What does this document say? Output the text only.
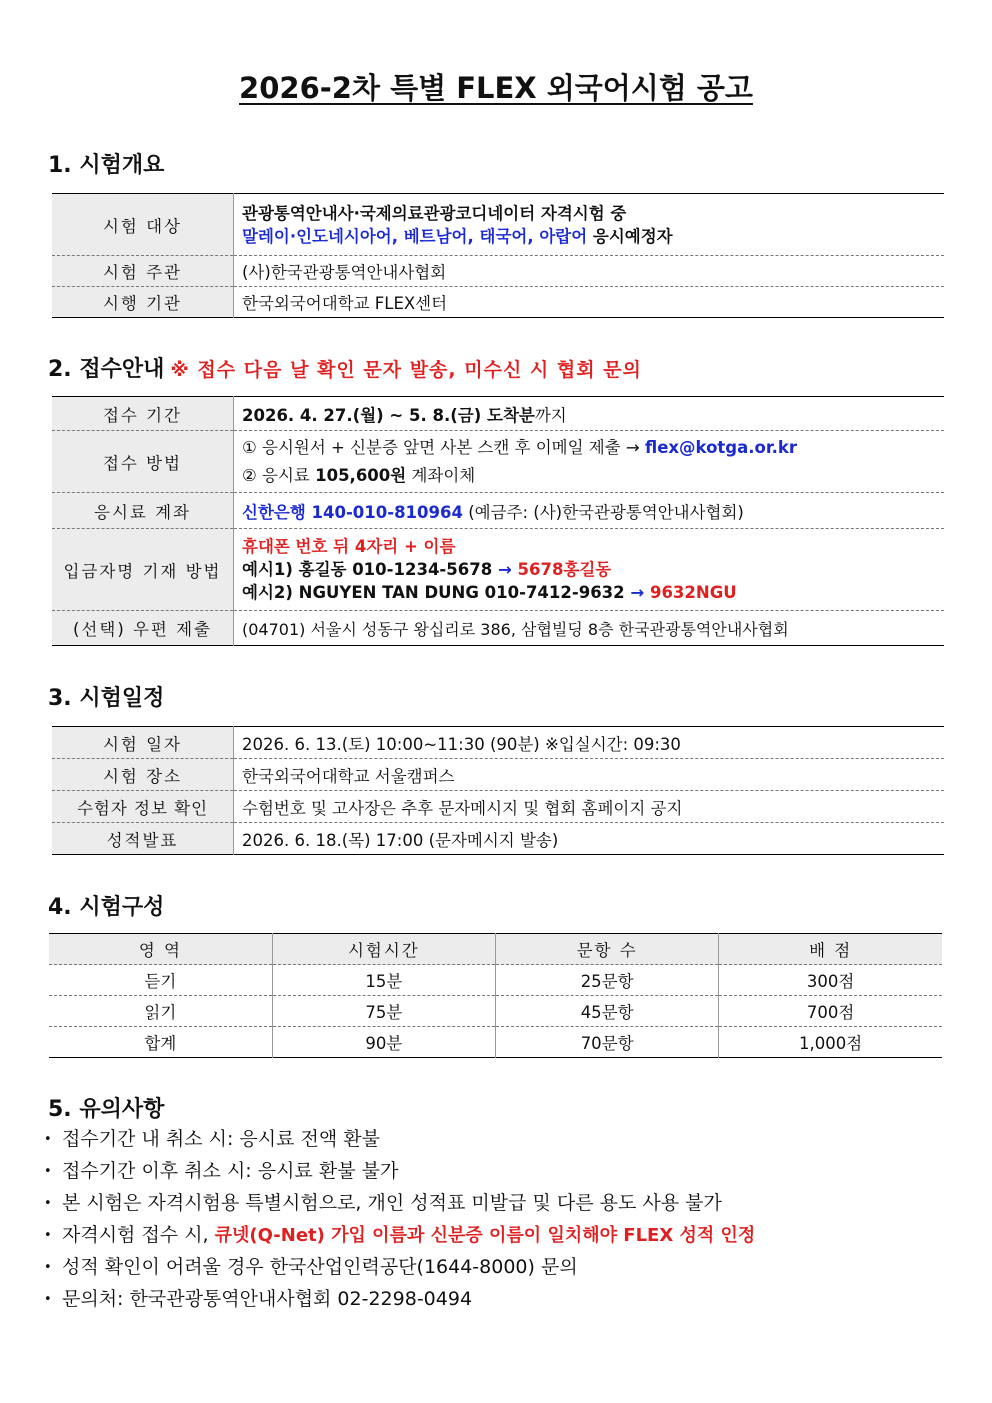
2026-2차 특별 FLEX 외국어시험 공고
1. 시험개요
시험 대상	관광통역안내사·국제의료관광코디네이터 자격시험 중
말레이·인도네시아어, 베트남어, 태국어, 아랍어 응시예정자

시험 주관	(사)한국관광통역안내사협회
시행 기관	한국외국어대학교 FLEX센터
2. 접수안내 ※ 접수 다음 날 확인 문자 발송, 미수신 시 협회 문의
접수 기간	2026. 4. 27.(월) ~ 5. 8.(금) 도착분까지
접수 방법	① 응시원서 + 신분증 앞면 사본 스캔 후 이메일 제출 → flex@kotga.or.kr
② 응시료 105,600원 계좌이체

응시료 계좌	신한은행 140-010-810964 (예금주: (사)한국관광통역안내사협회)
입금자명 기재 방법	휴대폰 번호 뒤 4자리 + 이름
예시1) 홍길동 010-1234-5678 → 5678홍길동
예시2) NGUYEN TAN DUNG 010-7412-9632 → 9632NGU

(선택) 우편 제출	(04701) 서울시 성동구 왕십리로 386, 삼협빌딩 8층 한국관광통역안내사협회
3. 시험일정
시험 일자	2026. 6. 13.(토) 10:00~11:30 (90분) ※입실시간: 09:30
시험 장소	한국외국어대학교 서울캠퍼스
수험자 정보 확인	수험번호 및 고사장은 추후 문자메시지 및 협회 홈페이지 공지
성적발표	2026. 6. 18.(목) 17:00 (문자메시지 발송)
4. 시험구성
영 역	시험시간	문항 수	배 점
듣기	15분	25문항	300점
읽기	75분	45문항	700점
합계	90분	70문항	1,000점
5. 유의사항
• 접수기간 내 취소 시: 응시료 전액 환불
• 접수기간 이후 취소 시: 응시료 환불 불가
• 본 시험은 자격시험용 특별시험으로, 개인 성적표 미발급 및 다른 용도 사용 불가
• 자격시험 접수 시, 큐넷(Q-Net) 가입 이름과 신분증 이름이 일치해야 FLEX 성적 인정
• 성적 확인이 어려울 경우 한국산업인력공단(1644-8000) 문의
• 문의처: 한국관광통역안내사협회 02-2298-0494
